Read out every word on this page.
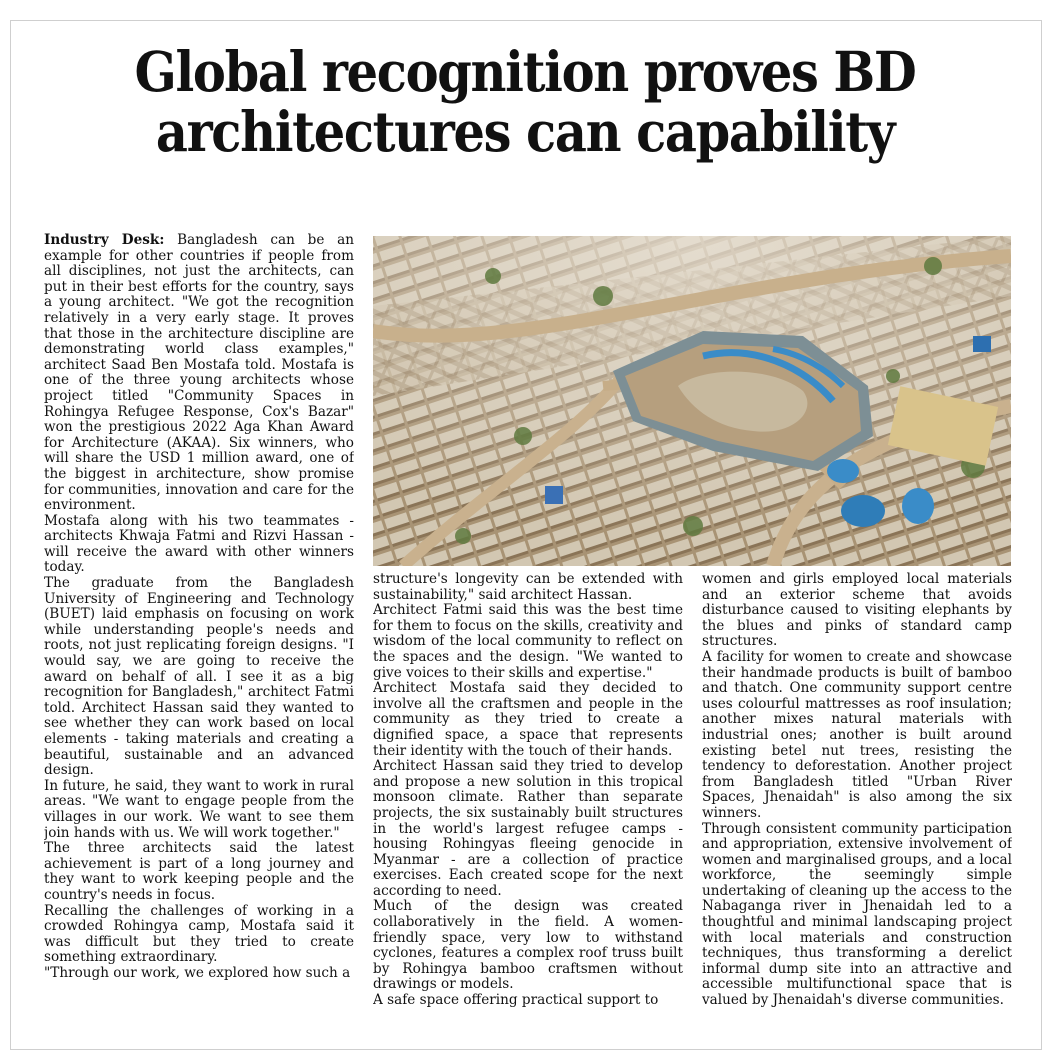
Global recognition proves BD
architectures can capability

Industry Desk: Bangladesh can be an example for other countries if people from all disciplines, not just the architects, can put in their best efforts for the country, says a young architect. "We got the recognition relatively in a very early stage. It proves that those in the architecture discipline are demonstrating world class examples," architect Saad Ben Mostafa told. Mostafa is one of the three young architects whose project titled "Community Spaces in Rohingya Refugee Response, Cox's Bazar" won the prestigious 2022 Aga Khan Award for Architecture (AKAA). Six winners, who will share the USD 1 million award, one of the biggest in architecture, show promise for communities, innovation and care for the environment.

Mostafa along with his two teammates - architects Khwaja Fatmi and Rizvi Hassan - will receive the award with other winners today.

The graduate from the Bangladesh University of Engineering and Technology (BUET) laid emphasis on focusing on work while understanding people's needs and roots, not just replicating foreign designs. "I would say, we are going to receive the award on behalf of all. I see it as a big recognition for Bangladesh," architect Fatmi told. Architect Hassan said they wanted to see whether they can work based on local elements - taking materials and creating a beautiful, sustainable and an advanced design.

In future, he said, they want to work in rural areas. "We want to engage people from the villages in our work. We want to see them join hands with us. We will work together."

The three architects said the latest achievement is part of a long journey and they want to work keeping people and the country's needs in focus.

Recalling the challenges of working in a crowded Rohingya camp, Mostafa said it was difficult but they tried to create something extraordinary.

"Through our work, we explored how such a

structure's longevity can be extended with sustainability," said architect Hassan.

Architect Fatmi said this was the best time for them to focus on the skills, creativity and wisdom of the local community to reflect on the spaces and the design. "We wanted to give voices to their skills and expertise."

Architect Mostafa said they decided to involve all the craftsmen and people in the community as they tried to create a dignified space, a space that represents their identity with the touch of their hands.

Architect Hassan said they tried to develop and propose a new solution in this tropical monsoon climate. Rather than separate projects, the six sustainably built structures in the world's largest refugee camps - housing Rohingyas fleeing genocide in Myanmar - are a collection of practice exercises. Each created scope for the next according to need.

Much of the design was created collaboratively in the field. A women-friendly space, very low to withstand cyclones, features a complex roof truss built by Rohingya bamboo craftsmen without drawings or models.

A safe space offering practical support to

women and girls employed local materials and an exterior scheme that avoids disturbance caused to visiting elephants by the blues and pinks of standard camp structures.

A facility for women to create and showcase their handmade products is built of bamboo and thatch. One community support centre uses colourful mattresses as roof insulation; another mixes natural materials with industrial ones; another is built around existing betel nut trees, resisting the tendency to deforestation. Another project from Bangladesh titled "Urban River Spaces, Jhenaidah" is also among the six winners.

Through consistent community participation and appropriation, extensive involvement of women and marginalised groups, and a local workforce, the seemingly simple undertaking of cleaning up the access to the Nabaganga river in Jhenaidah led to a thoughtful and minimal landscaping project with local materials and construction techniques, thus transforming a derelict informal dump site into an attractive and accessible multifunctional space that is valued by Jhenaidah's diverse communities.
